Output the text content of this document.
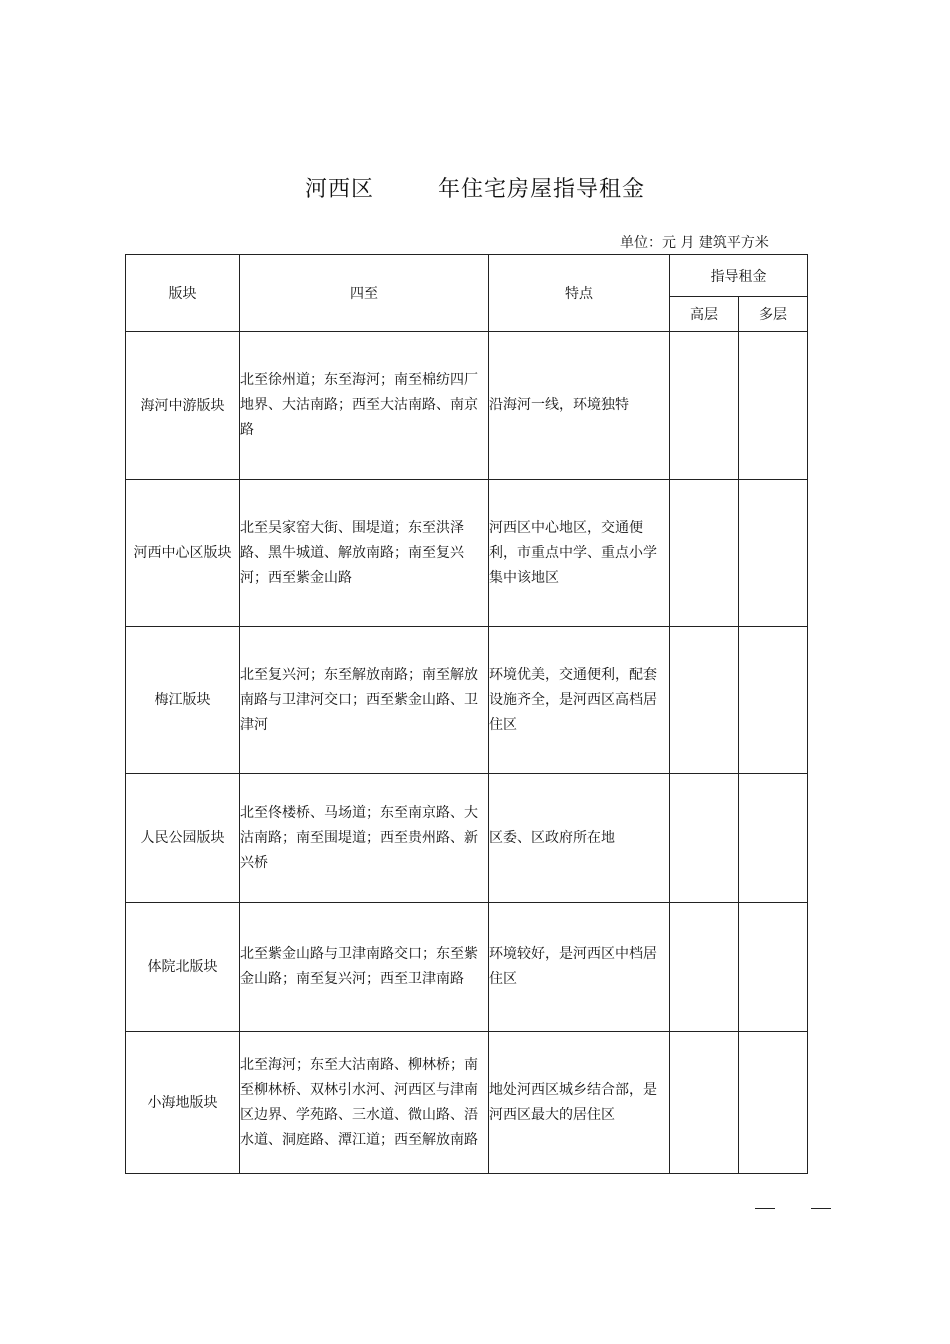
河西区	年住宅房屋指导租金
单位：元 月 建筑平方米
版块	四至	特点	指导租金	
			高层	多层
海河中游版块	北至徐州道；东至海河；南至棉纺四厂地界、大沽南路；西至大沽南路、南京路	沿海河一线，环境独特		
河西中心区版块	北至吴家窑大街、围堤道；东至洪泽路、黑牛城道、解放南路；南至复兴河；西至紫金山路	河西区中心地区，交通便利，市重点中学、重点小学集中该地区		
梅江版块	北至复兴河；东至解放南路；南至解放南路与卫津河交口；西至紫金山路、卫津河	环境优美，交通便利，配套设施齐全，是河西区高档居住区		
人民公园版块	北至佟楼桥、马场道；东至南京路、大沽南路；南至围堤道；西至贵州路、新兴桥	区委、区政府所在地		
体院北版块	北至紫金山路与卫津南路交口；东至紫金山路；南至复兴河；西至卫津南路	环境较好，是河西区中档居住区		
小海地版块	北至海河；东至大沽南路、柳林桥；南至柳林桥、双林引水河、河西区与津南区边界、学苑路、三水道、微山路、浯水道、洞庭路、潭江道；西至解放南路	地处河西区城乡结合部，是河西区最大的居住区		
